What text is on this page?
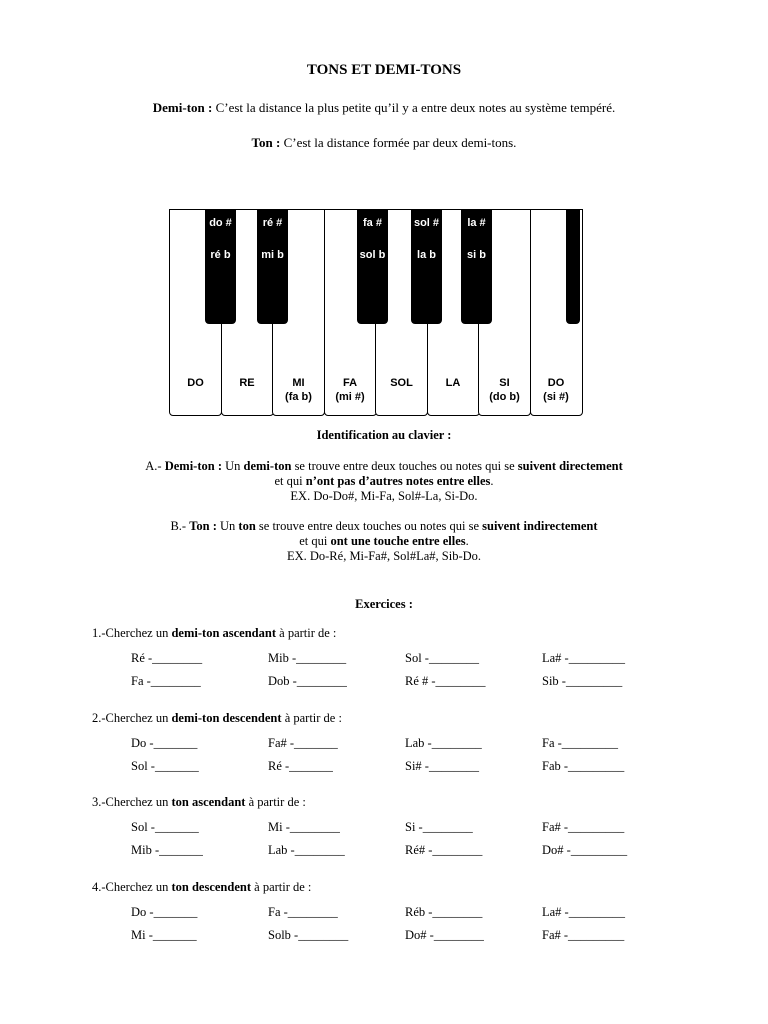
TONS ET DEMI-TONS
Demi-ton : C’est la distance la plus petite qu’il y a entre deux notes au système tempéré.
Ton : C’est la distance formée par deux demi-tons.
DO	RE	MI
(fa b)
FA
(mi #)
SOL	LA	SI
(do b)
DO
(si #)
do #
ré b
ré #
mi b
fa #
sol b
sol #
la b
la #
si b
Identification au clavier :
A.- Demi-ton : Un demi-ton se trouve entre deux touches ou notes qui se suivent directement
et qui n’ont pas d’autres notes entre elles.
EX. Do-Do#, Mi-Fa, Sol#-La, Si-Do.
B.- Ton : Un ton se trouve entre deux touches ou notes qui se suivent indirectement
et qui ont une touche entre elles.
EX. Do-Ré, Mi-Fa#, Sol#La#, Sib-Do.
Exercices :
1.-Cherchez un demi-ton ascendant à partir de :
Ré -________	Mib -________	Sol -________	La# -_________
Fa -________	Dob -________	Ré # -________	Sib -_________
2.-Cherchez un demi-ton descendent à partir de :
Do -_______	Fa# -_______	Lab -________	Fa -_________
Sol -_______	Ré -_______	Si# -________	Fab -_________
3.-Cherchez un ton ascendant à partir de :
Sol -_______	Mi -________	Si -________	Fa# -_________
Mib -_______	Lab -________	Ré# -________	Do# -_________
4.-Cherchez un ton descendent à partir de :
Do -_______	Fa -________	Réb -________	La# -_________
Mi -_______	Solb -________	Do# -________	Fa# -_________
